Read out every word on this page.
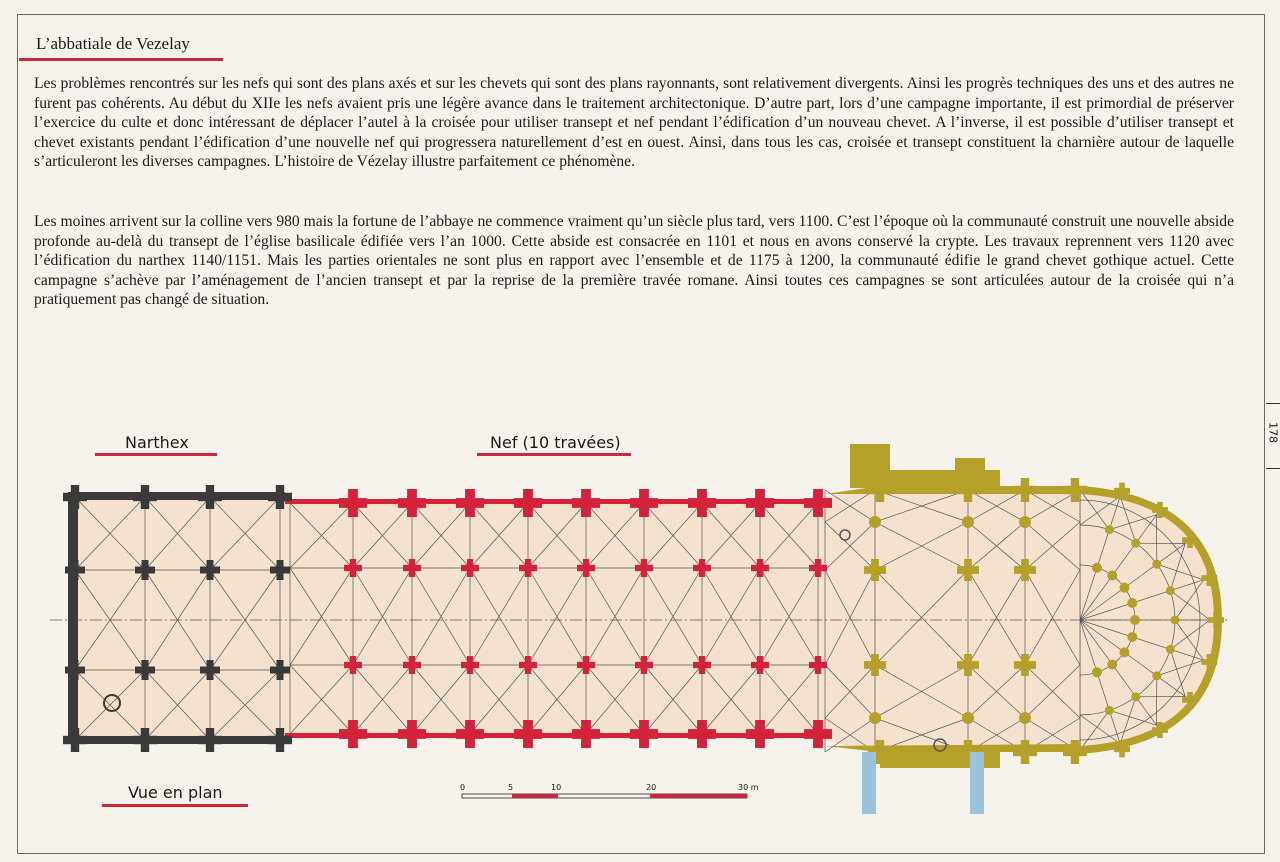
L’abbatiale de Vezelay

Les problèmes rencontrés sur les nefs qui sont des plans axés et sur les chevets qui sont des plans rayonnants, sont relativement divergents. Ainsi les progrès techniques des uns et des autres ne furent pas cohérents. Au début du XIIe les nefs avaient pris une légère avance dans le traitement architectonique. D’autre part, lors d’une campagne importante, il est primordial de préserver l’exercice du culte et donc intéressant de déplacer l’autel à la croisée pour utiliser transept et nef pendant l’édification d’un nouveau chevet. A l’inverse, il est possible d’utiliser transept et chevet existants pendant l’édification d’une nouvelle nef qui progressera naturellement d’est en ouest. Ainsi, dans tous les cas, croisée et transept constituent la charnière autour de laquelle s’articuleront les diverses campagnes. L’histoire de Vézelay illustre parfaitement ce phénomène.

Les moines arrivent sur la colline vers 980 mais la fortune de l’abbaye ne commence vraiment qu’un siècle plus tard, vers 1100. C’est l’époque où la communauté construit une nouvelle abside profonde au-delà du transept de l’église basilicale édifiée vers l’an 1000. Cette abside est consacrée en 1101 et nous en avons conservé la crypte. Les travaux reprennent vers 1120 avec l’édification du narthex 1140/1151. Mais les parties orientales ne sont plus en rapport avec l’ensemble et de 1175 à 1200, la communauté édifie le grand chevet gothique actuel. Cette campagne s’achève par l’aménagement de l’ancien transept et par la reprise de la première travée romane. Ainsi toutes ces campagnes se sont articulées autour de la croisée qui n’a pratiquement pas changé de situation.

178
Narthex	Nef (10 travées)
Vue en plan	0	5	10	20	30 m
